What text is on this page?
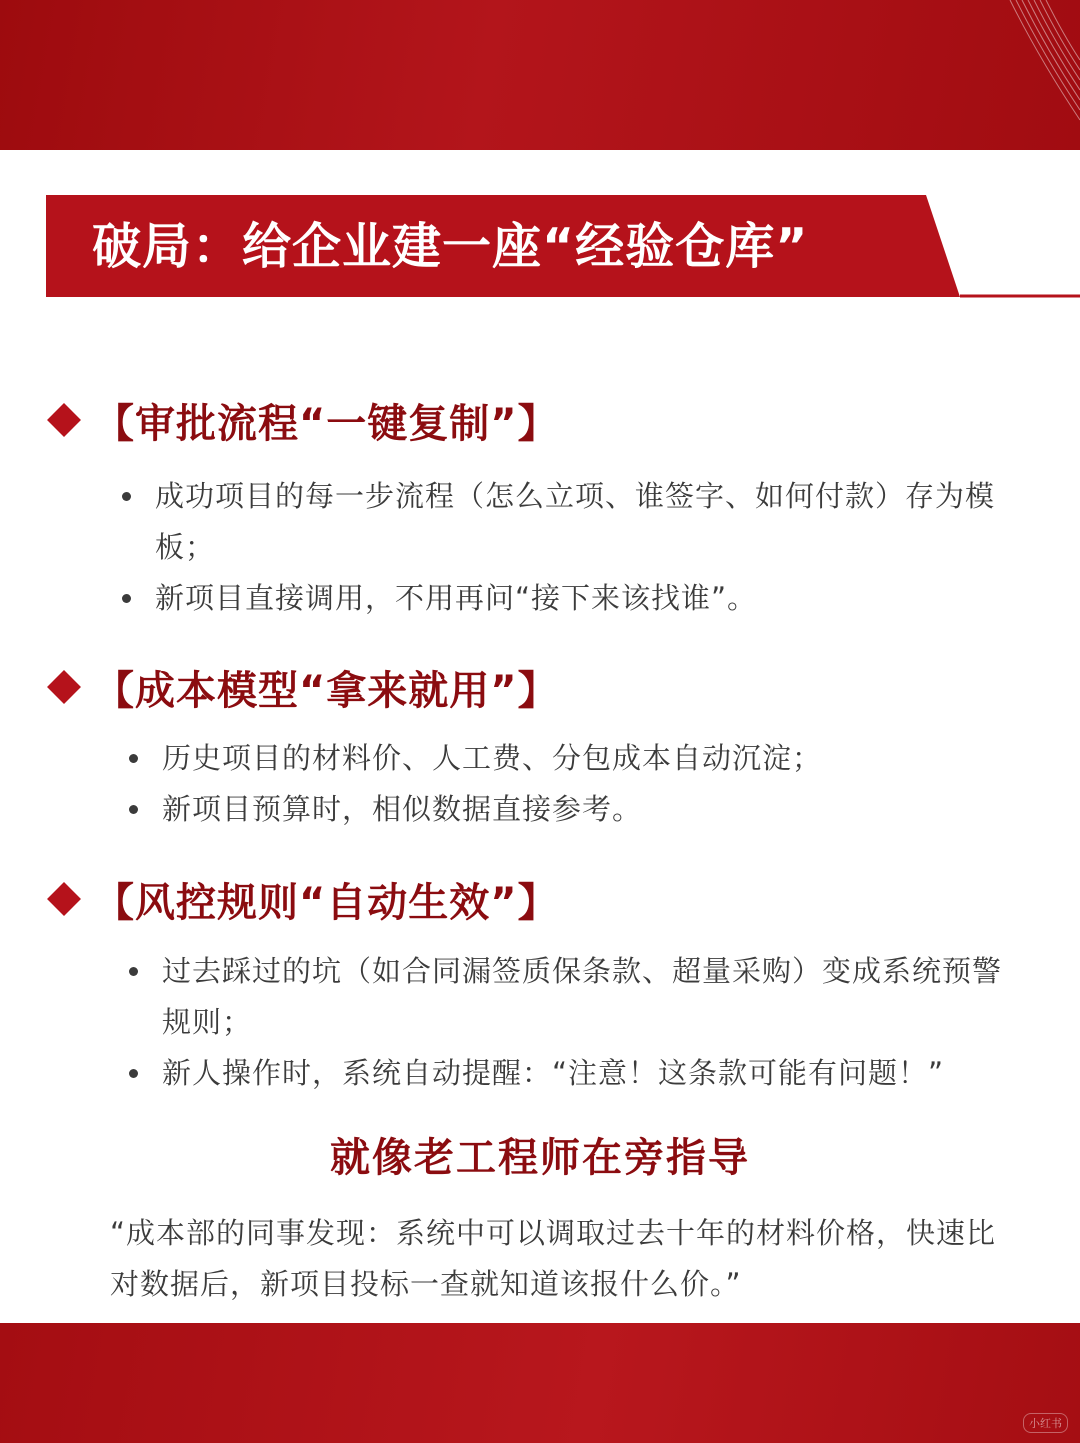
破局：给企业建一座“经验仓库”
【审批流程“一键复制”】
成功项目的每一步流程（怎么立项、谁签字、如何付款）存为模板；
新项目直接调用，不用再问“接下来该找谁”。
【成本模型“拿来就用”】
历史项目的材料价、人工费、分包成本自动沉淀；
新项目预算时，相似数据直接参考。
【风控规则“自动生效”】
过去踩过的坑（如合同漏签质保条款、超量采购）变成系统预警规则；
新人操作时，系统自动提醒：“注意！这条款可能有问题！”
就像老工程师在旁指导

“成本部的同事发现：系统中可以调取过去十年的材料价格，快速比对数据后，新项目投标一查就知道该报什么价。”

小红书
